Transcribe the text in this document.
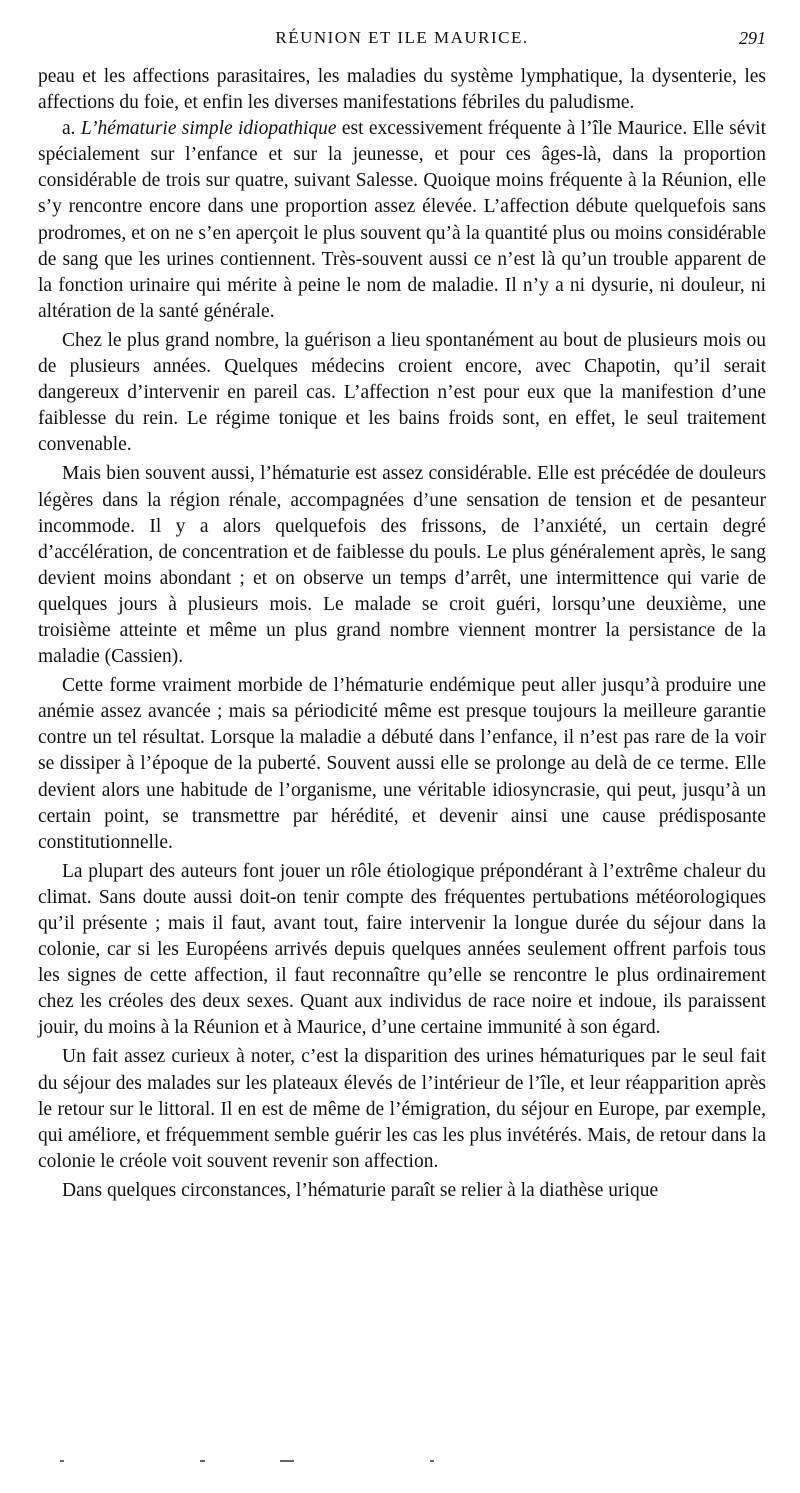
RÉUNION ET ILE MAURICE.	291

peau et les affections parasitaires, les maladies du système lymphatique, la dysenterie, les affections du foie, et enfin les diverses manifestations fébriles du paludisme.

a. L’hématurie simple idiopathique est excessivement fréquente à l’île Maurice. Elle sévit spécialement sur l’enfance et sur la jeunesse, et pour ces âges-là, dans la proportion considérable de trois sur quatre, suivant Salesse. Quoique moins fréquente à la Réunion, elle s’y rencontre encore dans une proportion assez élevée. L’affection débute quelquefois sans prodromes, et on ne s’en aperçoit le plus souvent qu’à la quantité plus ou moins considérable de sang que les urines contiennent. Très-souvent aussi ce n’est là qu’un trouble apparent de la fonction urinaire qui mérite à peine le nom de maladie. Il n’y a ni dysurie, ni douleur, ni altération de la santé générale.

Chez le plus grand nombre, la guérison a lieu spontanément au bout de plusieurs mois ou de plusieurs années. Quelques médecins croient encore, avec Chapotin, qu’il serait dangereux d’intervenir en pareil cas. L’affection n’est pour eux que la manifestion d’une faiblesse du rein. Le régime tonique et les bains froids sont, en effet, le seul traitement convenable.

Mais bien souvent aussi, l’hématurie est assez considérable. Elle est précédée de douleurs légères dans la région rénale, accompagnées d’une sensation de tension et de pesanteur incommode. Il y a alors quelquefois des frissons, de l’anxiété, un certain degré d’accélération, de concentration et de faiblesse du pouls. Le plus généralement après, le sang devient moins abondant ; et on observe un temps d’arrêt, une intermittence qui varie de quelques jours à plusieurs mois. Le malade se croit guéri, lorsqu’une deuxième, une troisième atteinte et même un plus grand nombre viennent montrer la persistance de la maladie (Cassien).

Cette forme vraiment morbide de l’hématurie endémique peut aller jusqu’à produire une anémie assez avancée ; mais sa périodicité même est presque toujours la meilleure garantie contre un tel résultat. Lorsque la maladie a débuté dans l’enfance, il n’est pas rare de la voir se dissiper à l’époque de la puberté. Souvent aussi elle se prolonge au delà de ce terme. Elle devient alors une habitude de l’organisme, une véritable idiosyncrasie, qui peut, jusqu’à un certain point, se transmettre par hérédité, et devenir ainsi une cause prédisposante constitutionnelle.

La plupart des auteurs font jouer un rôle étiologique prépondérant à l’extrême chaleur du climat. Sans doute aussi doit-on tenir compte des fréquentes pertubations météorologiques qu’il présente ; mais il faut, avant tout, faire intervenir la longue durée du séjour dans la colonie, car si les Européens arrivés depuis quelques années seulement offrent parfois tous les signes de cette affection, il faut reconnaître qu’elle se rencontre le plus ordinairement chez les créoles des deux sexes. Quant aux individus de race noire et indoue, ils paraissent jouir, du moins à la Réunion et à Maurice, d’une certaine immunité à son égard.

Un fait assez curieux à noter, c’est la disparition des urines hématuriques par le seul fait du séjour des malades sur les plateaux élevés de l’intérieur de l’île, et leur réapparition après le retour sur le littoral. Il en est de même de l’émigration, du séjour en Europe, par exemple, qui améliore, et fréquemment semble guérir les cas les plus invétérés. Mais, de retour dans la colonie le créole voit souvent revenir son affection.

Dans quelques circonstances, l’hématurie paraît se relier à la diathèse urique
